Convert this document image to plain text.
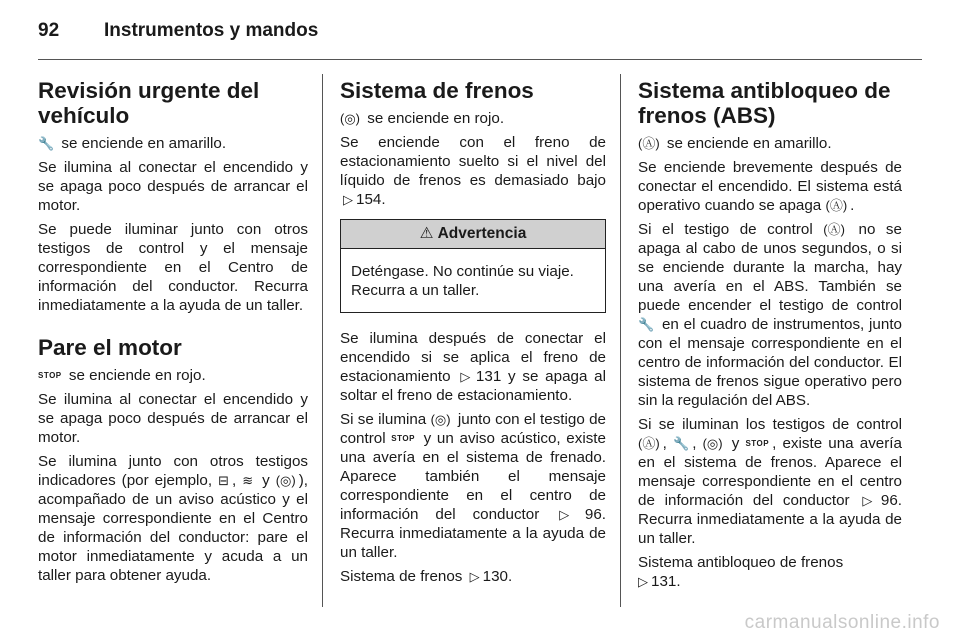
92 Instrumentos y mandos
Revisión urgente del vehículo

🔧 se enciende en amarillo.

Se ilumina al conectar el encendido y se apaga poco después de arrancar el motor.

Se puede iluminar junto con otros testigos de control y el mensaje correspondiente en el Centro de información del conductor. Recurra inmediatamente a la ayuda de un taller.

Pare el motor

STOP se enciende en rojo.

Se ilumina al conectar el encendido y se apaga poco después de arrancar el motor.

Se ilumina junto con otros testigos indicadores (por ejemplo, ⊟ , ≋ y (◎) ), acompañado de un aviso acústico y el mensaje correspondiente en el Centro de información del conductor: pare el motor inmediatamente y acuda a un taller para obtener ayuda.

Sistema de frenos

(◎) se enciende en rojo.

Se enciende con el freno de estacionamiento suelto si el nivel del líquido de frenos es demasiado bajo ▷ 154.

⚠ Advertencia
Deténgase. No continúe su viaje. Recurra a un taller.

Se ilumina después de conectar el encendido si se aplica el freno de estacionamiento ▷ 131 y se apaga al soltar el freno de estacionamiento.

Si se ilumina (◎) junto con el testigo de control STOP y un aviso acústico, existe una avería en el sistema de frenado. Aparece también el mensaje correspondiente en el centro de información del conductor ▷ 96. Recurra inmediatamente a la ayuda de un taller.

Sistema de frenos ▷ 130.

Sistema antibloqueo de frenos (ABS)

(Ⓐ) se enciende en amarillo.

Se enciende brevemente después de conectar el encendido. El sistema está operativo cuando se apaga (Ⓐ) .

Si el testigo de control (Ⓐ) no se apaga al cabo de unos segundos, o si se enciende durante la marcha, hay una avería en el ABS. También se puede encender el testigo de control 🔧 en el cuadro de instrumentos, junto con el mensaje correspondiente en el centro de información del conductor. El sistema de frenos sigue operativo pero sin la regulación del ABS.

Si se iluminan los testigos de control (Ⓐ) , 🔧 , (◎) y STOP , existe una avería en el sistema de frenos. Aparece el mensaje correspondiente en el centro de información del conductor ▷ 96. Recurra inmediatamente a la ayuda de un taller.

Sistema antibloqueo de frenos
▷ 131.

carmanualsonline.info
